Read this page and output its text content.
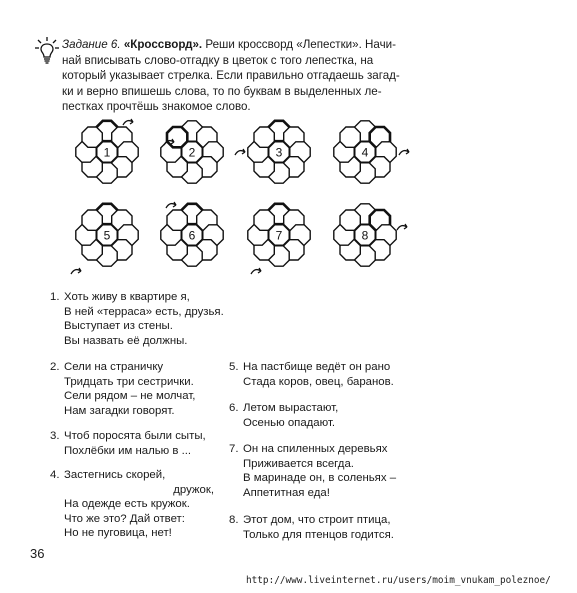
Задание 6. «Кроссворд». Реши кроссворд «Лепестки». Начи-
най вписывать слово-отгадку в цветок с того лепестка, на
который указывает стрелка. Если правильно отгадаешь загад-
ки и верно впишешь слова, то по буквам в выделенных ле-
пестках прочтёшь знакомое слово.
1	2	3	4
5	6	7	8
1. Хоть живу в квартире я,
В ней «терраса» есть, друзья.
Выступает из стены.
Вы назвать её должны.
2. Сели на страничку
Тридцать три сестрички.
Сели рядом – не молчат,
Нам загадки говорят.
3. Чтоб поросята были сыты,
Похлёбки им налью в ...
4. Застегнись скорей,
дружок,
На одежде есть кружок.
Что же это? Дай ответ:
Но не пуговица, нет!
5. На пастбище ведёт он рано
Стада коров, овец, баранов.
6. Летом вырастают,
Осенью опадают.
7. Он на спиленных деревьях
Приживается всегда.
В маринаде он, в соленьях –
Аппетитная еда!
8. Этот дом, что строит птица,
Только для птенцов годится.
36
http://www.liveinternet.ru/users/moim_vnukam_poleznoe/
